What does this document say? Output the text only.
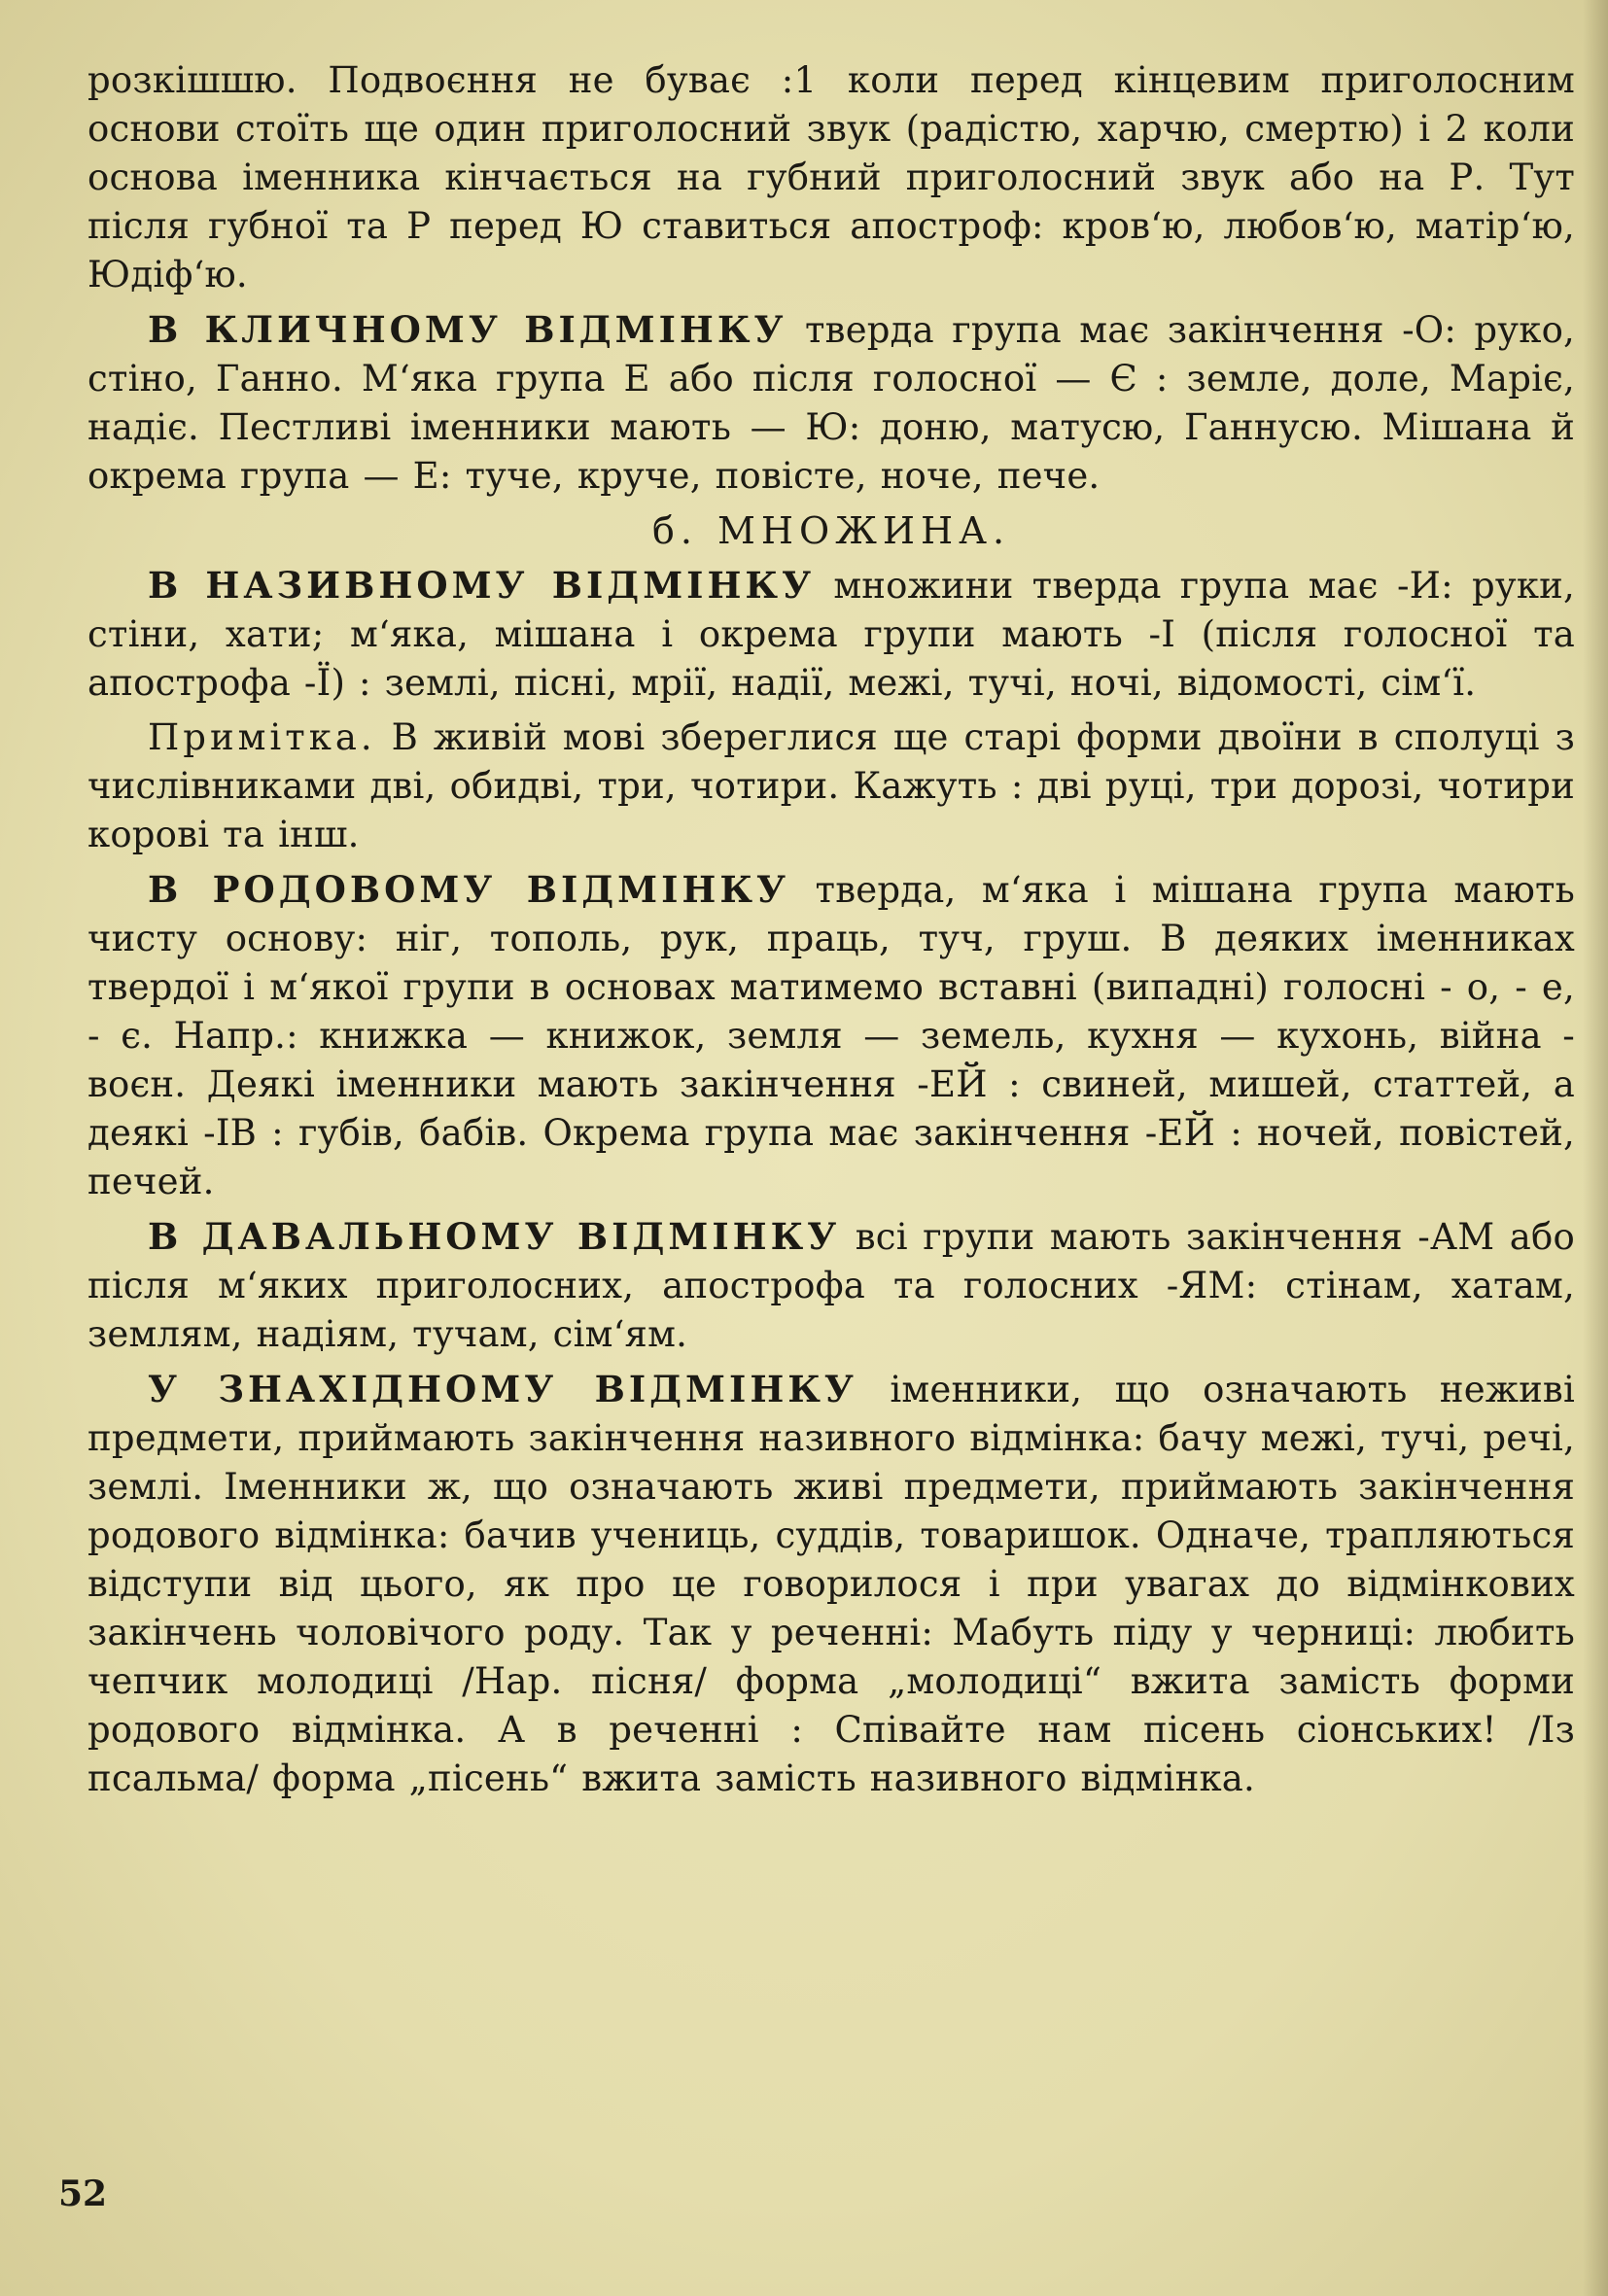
розкішшю. Подвоєння не буває :1 коли перед кінцевим приголосним основи стоїть ще один приголосний звук (радістю, харчю, смертю) і 2 коли основа іменника кінчається на губний приголосний звук або на Р. Тут після губної та Р перед Ю ставиться апостроф: кров‘ю, любов‘ю, матір‘ю, Юдіф‘ю.

В КЛИЧНОМУ ВІДМІНКУ тверда група має закінчення -О: руко, стіно, Ганно. М‘яка група Е або після голосної — Є : земле, доле, Маріє, надіє. Пестливі іменники мають — Ю: доню, матусю, Ганнусю. Мішана й окрема група — Е: туче, круче, повісте, ноче, пече.

б. МНОЖИНА.

В НАЗИВНОМУ ВІДМІНКУ множини тверда група має -И: руки, стіни, хати; м‘яка, мішана і окрема групи мають -І (після голосної та апострофа -Ї) : землі, пісні, мрії, надії, межі, тучі, ночі, відомості, сім‘ї.

Примітка. В живій мові збереглися ще старі форми двоїни в сполуці з числівниками дві, обидві, три, чотири. Кажуть : дві руці, три дорозі, чотири корові та інш.

В РОДОВОМУ ВІДМІНКУ тверда, м‘яка і мішана група мають чисту основу: ніг, тополь, рук, праць, туч, груш. В деяких іменниках твердої і м‘якої групи в основах матимемо вставні (випадні) голосні - о, - е, - є. Напр.: книжка — книжок, земля — земель, кухня — кухонь, війна - воєн. Деякі іменники мають закінчення -ЕЙ : свиней, мишей, статтей, а деякі -ІВ : губів, бабів. Окрема група має закінчення -ЕЙ : ночей, повістей, печей.

В ДАВАЛЬНОМУ ВІДМІНКУ всі групи мають закінчення -АМ або після м‘яких приголосних, апострофа та голосних -ЯМ: стінам, хатам, землям, надіям, тучам, сім‘ям.

У ЗНАХІДНОМУ ВІДМІНКУ іменники, що означають неживі предмети, приймають закінчення називного відмінка: бачу межі, тучі, речі, землі. Іменники ж, що означають живі предмети, приймають закінчення родового відмінка: бачив учениць, суддів, товаришок. Одначе, трапляються відступи від цього, як про це говорилося і при увагах до відмінкових закінчень чоловічого роду. Так у реченні: Мабуть піду у черниці: любить чепчик молодиці /Нар. пісня/ форма „молодиці“ вжита замість форми родового відмінка. А в реченні : Співайте нам пісень сіонських! /Із псальма/ форма „пісень“ вжита замість називного відмінка.

52
